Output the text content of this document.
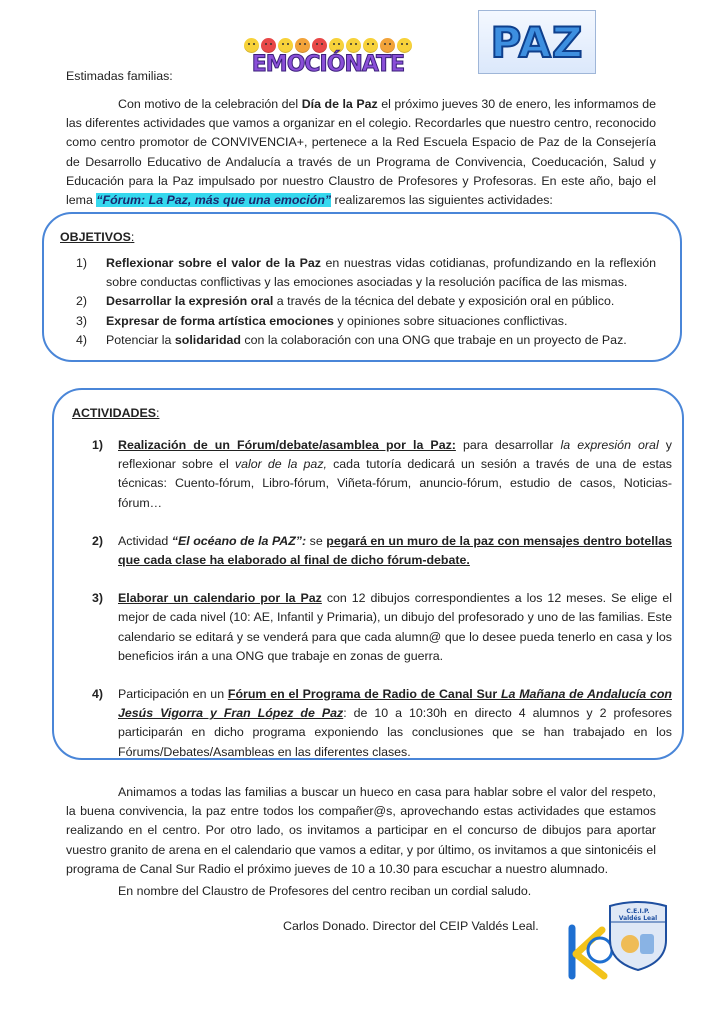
EMOCIÓNATE	PAZ

Estimadas familias:

Con motivo de la celebración del Día de la Paz el próximo jueves 30 de enero, les informamos de las diferentes actividades que vamos a organizar en el colegio. Recordarles que nuestro centro, reconocido como centro promotor de CONVIVENCIA+, pertenece a la Red Escuela Espacio de Paz de la Consejería de Desarrollo Educativo de Andalucía a través de un Programa de Convivencia, Coeducación, Salud y Educación para la Paz impulsado por nuestro Claustro de Profesores y Profesoras. En este año, bajo el lema “Fórum: La Paz, más que una emoción” realizaremos las siguientes actividades:

OBJETIVOS:

1) Reflexionar sobre el valor de la Paz en nuestras vidas cotidianas, profundizando en la reflexión sobre conductas conflictivas y las emociones asociadas y la resolución pacífica de las mismas.
2) Desarrollar la expresión oral a través de la técnica del debate y exposición oral en público.
3) Expresar de forma artística emociones y opiniones sobre situaciones conflictivas.
4) Potenciar la solidaridad con la colaboración con una ONG que trabaje en un proyecto de Paz.

ACTIVIDADES:

1) Realización de un Fórum/debate/asamblea por la Paz: para desarrollar la expresión oral y reflexionar sobre el valor de la paz, cada tutoría dedicará un sesión a través de una de estas técnicas: Cuento-fórum, Libro-fórum, Viñeta-fórum, anuncio-fórum, estudio de casos, Noticias-fórum…
2) Actividad “El océano de la PAZ”: se pegará en un muro de la paz con mensajes dentro botellas que cada clase ha elaborado al final de dicho fórum-debate.
3) Elaborar un calendario por la Paz con 12 dibujos correspondientes a los 12 meses. Se elige el mejor de cada nivel (10: AE, Infantil y Primaria), un dibujo del profesorado y uno de las familias. Este calendario se editará y se venderá para que cada alumn@ que lo desee pueda tenerlo en casa y los beneficios irán a una ONG que trabaje en zonas de guerra.
4) Participación en un Fórum en el Programa de Radio de Canal Sur La Mañana de Andalucía con Jesús Vigorra y Fran López de Paz: de 10 a 10:30h en directo 4 alumnos y 2 profesores participarán en dicho programa exponiendo las conclusiones que se han trabajado en los Fórums/Debates/Asambleas en las diferentes clases.

Animamos a todas las familias a buscar un hueco en casa para hablar sobre el valor del respeto, la buena convivencia, la paz entre todos los compañer@s, aprovechando estas actividades que estamos realizando en el centro. Por otro lado, os invitamos a participar en el concurso de dibujos para aportar vuestro granito de arena en el calendario que vamos a editar, y por último, os invitamos a que sintonicéis el programa de Canal Sur Radio el próximo jueves de 10 a 10.30 para escuchar a nuestro alumnado.

En nombre del Claustro de Profesores del centro reciban un cordial saludo.

Carlos Donado. Director del CEIP Valdés Leal.

C.E.I.P.
Valdés Leal
